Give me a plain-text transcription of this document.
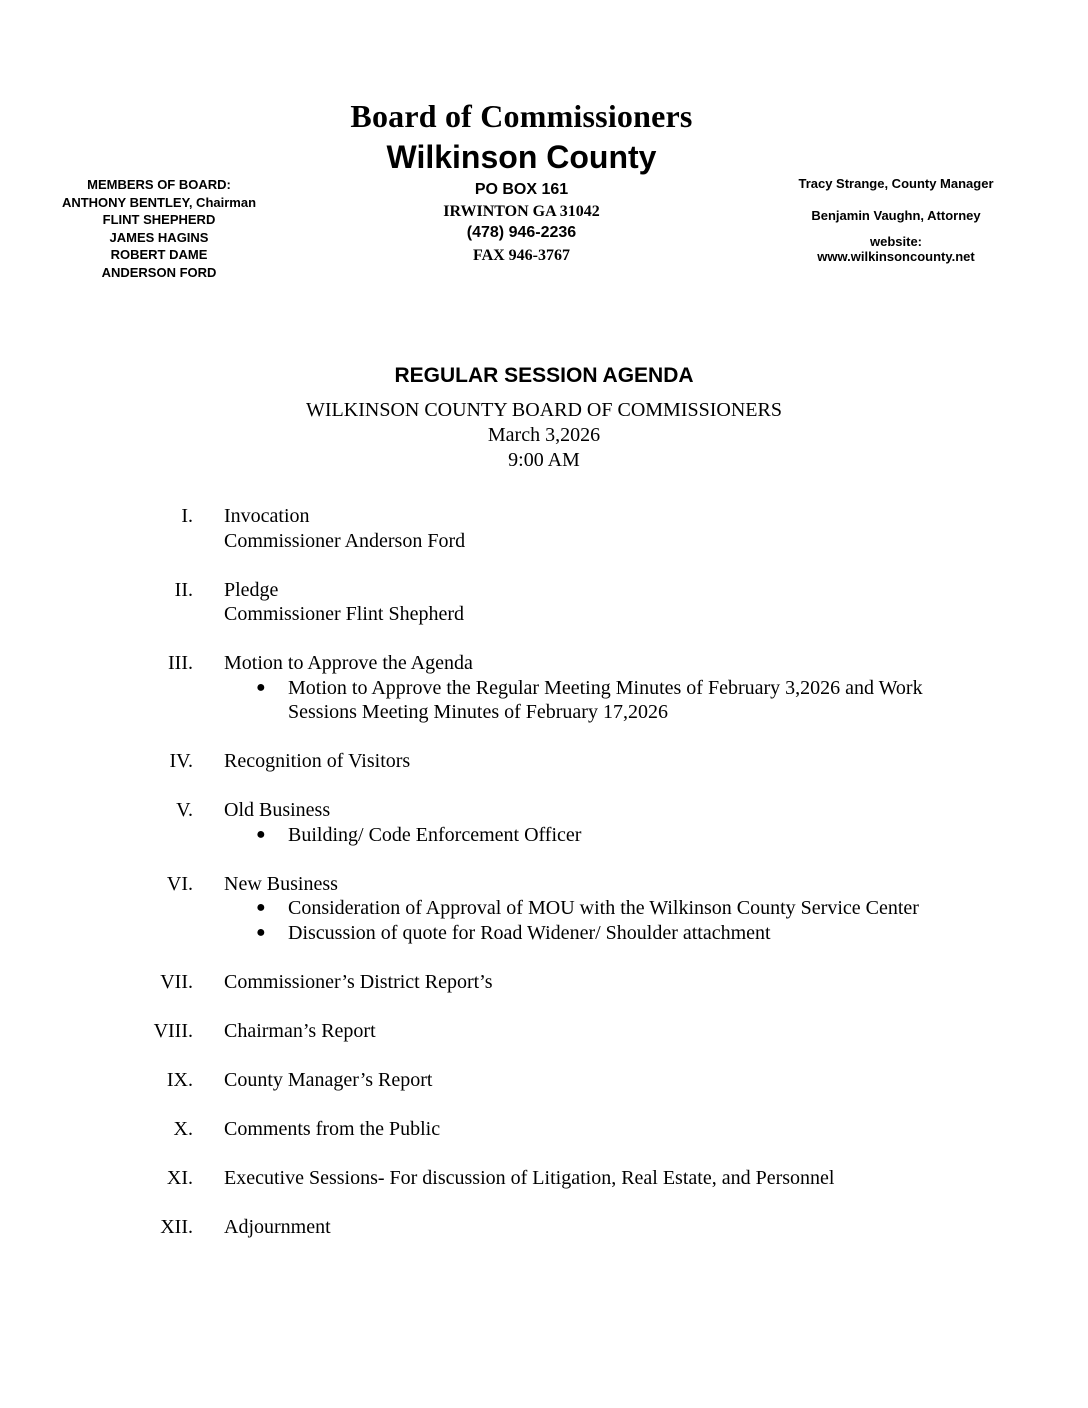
Board of Commissioners
Wilkinson County
PO BOX 161
IRWINTON GA 31042
(478) 946-2236
FAX 946-3767
MEMBERS OF BOARD:
ANTHONY BENTLEY, Chairman
FLINT SHEPHERD
JAMES HAGINS
ROBERT DAME
ANDERSON FORD
Tracy Strange, County Manager
Benjamin Vaughn, Attorney
website:
www.wilkinsoncounty.net
REGULAR SESSION AGENDA
WILKINSON COUNTY BOARD OF COMMISSIONERS
March 3,2026
9:00 AM
I. Invocation
Commissioner Anderson Ford
II. Pledge
Commissioner Flint Shepherd
III. Motion to Approve the Agenda
● Motion to Approve the Regular Meeting Minutes of February 3,2026 and Work Sessions Meeting Minutes of February 17,2026
IV. Recognition of Visitors
V. Old Business
● Building/ Code Enforcement Officer
VI. New Business
● Consideration of Approval of MOU with the Wilkinson County Service Center
● Discussion of quote for Road Widener/ Shoulder attachment
VII. Commissioner’s District Report’s
VIII. Chairman’s Report
IX. County Manager’s Report
X. Comments from the Public
XI. Executive Sessions- For discussion of Litigation, Real Estate, and Personnel
XII. Adjournment
